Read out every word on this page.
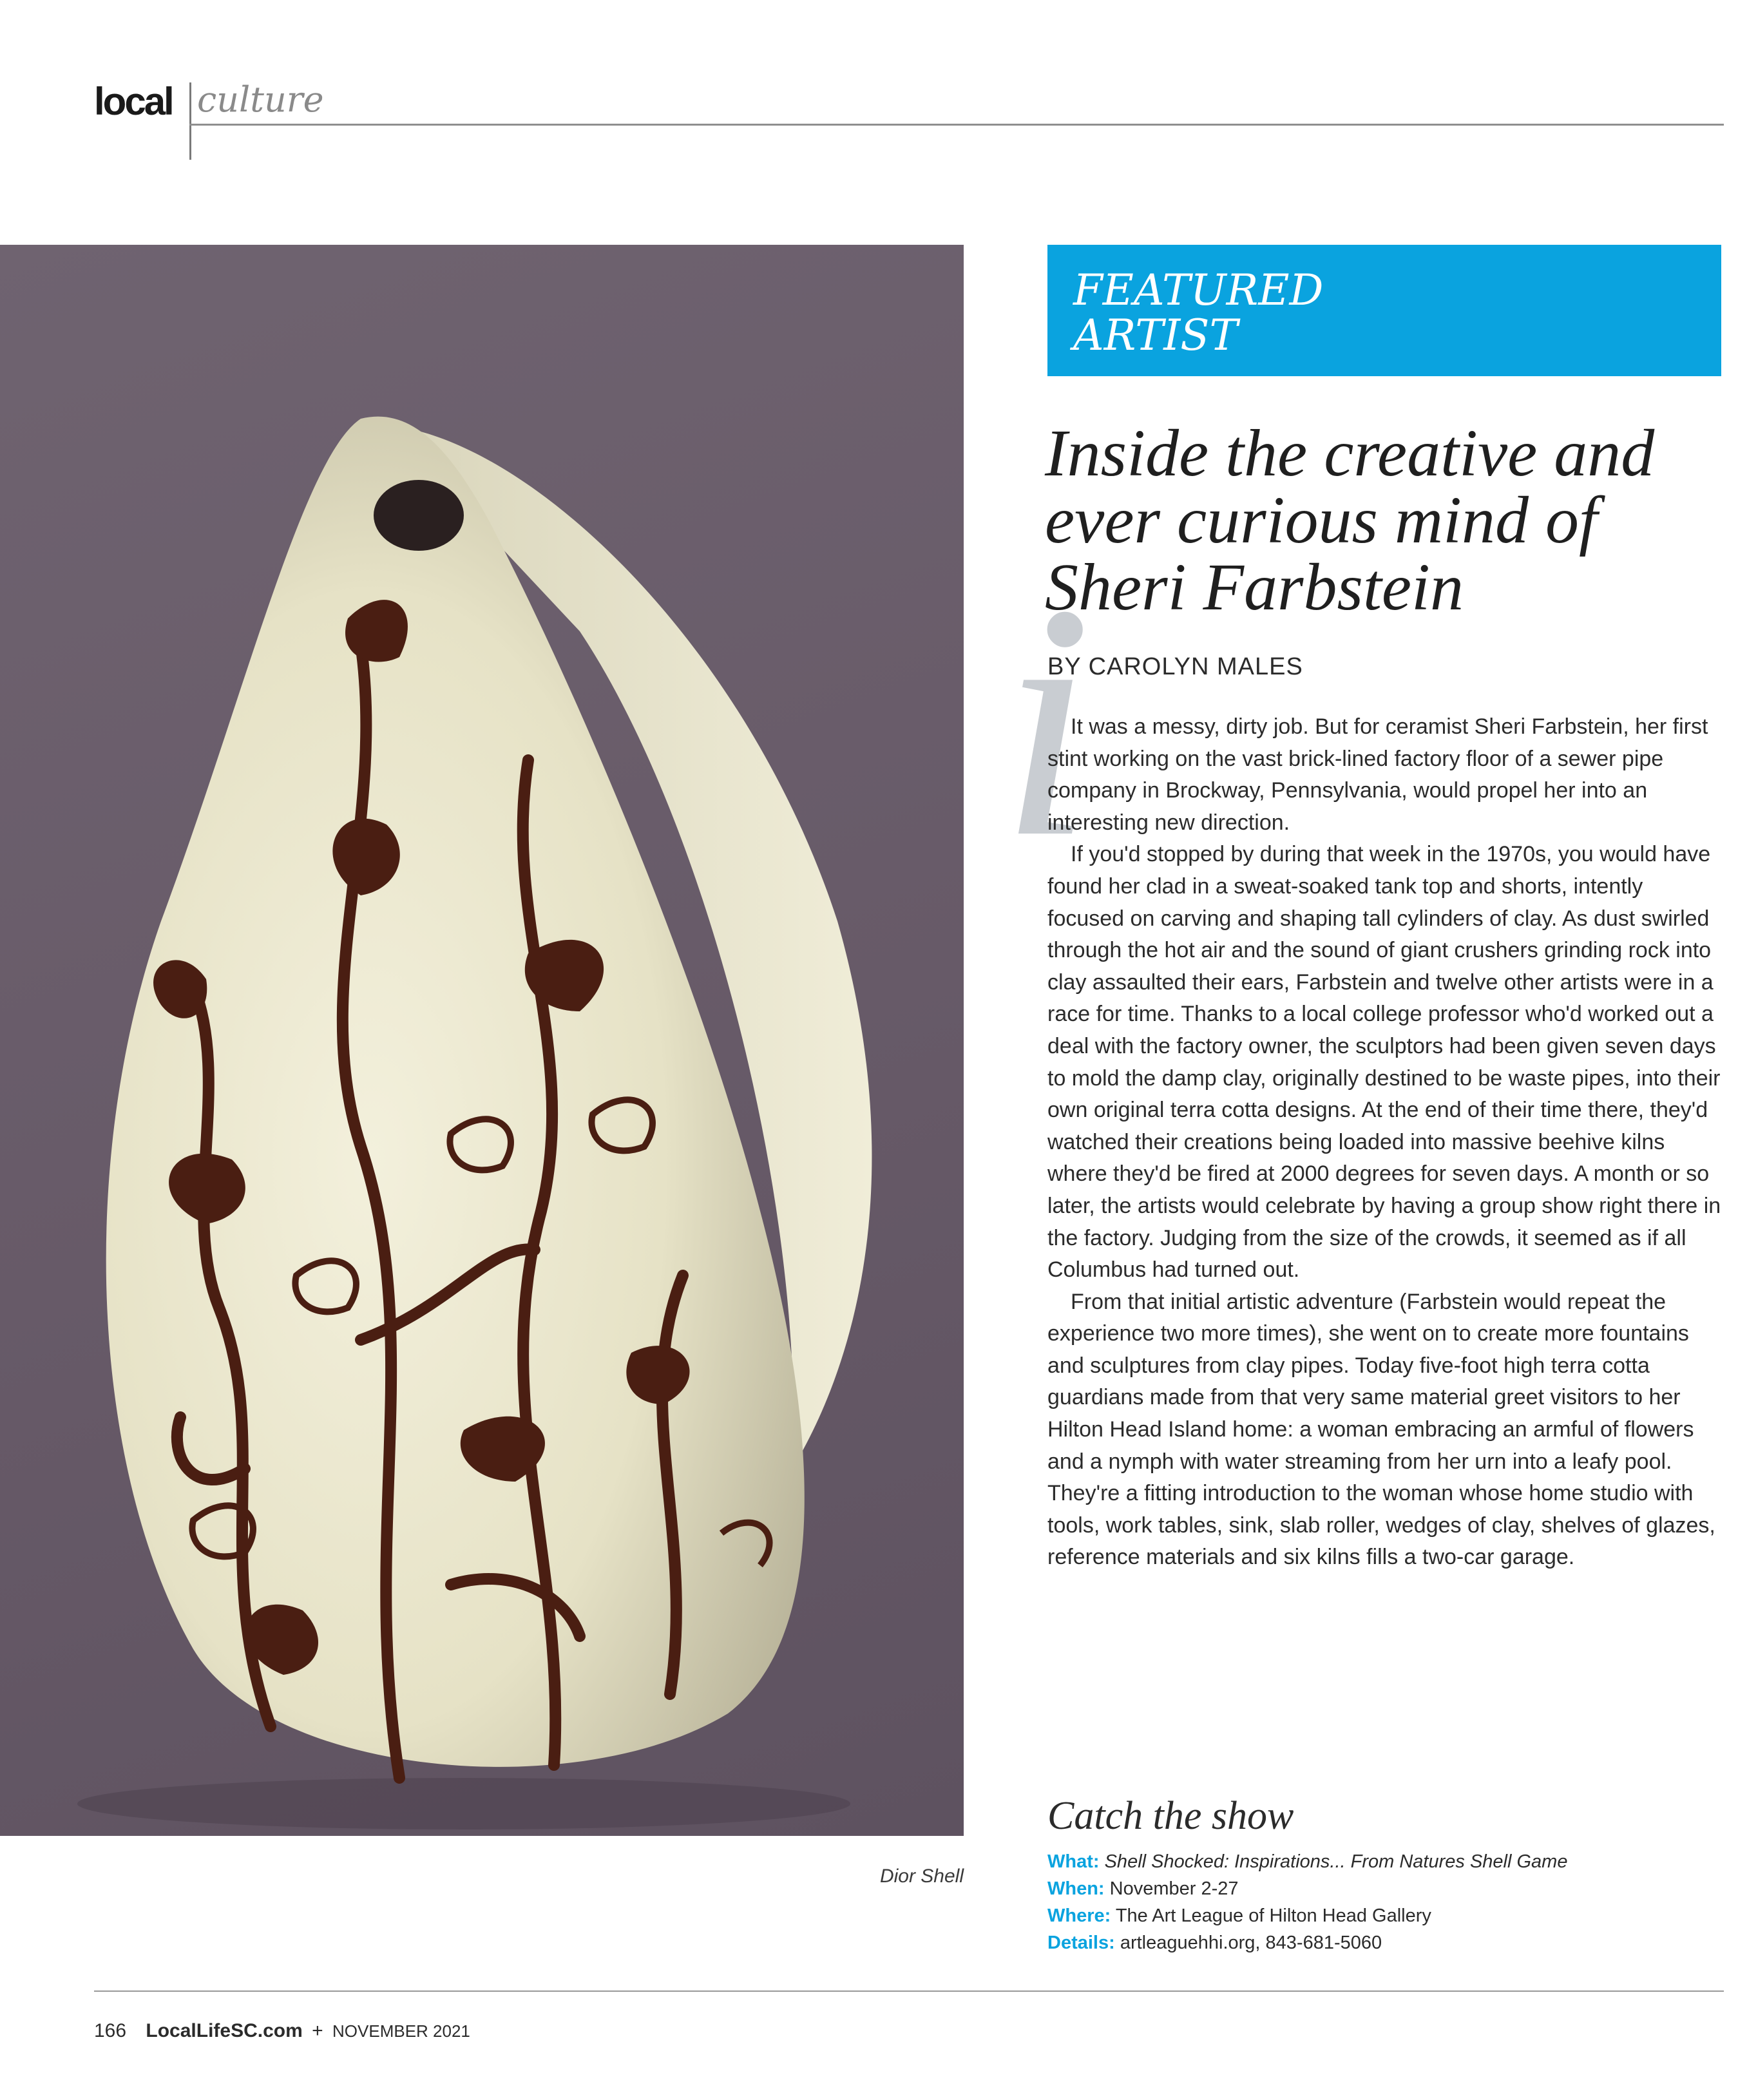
local culture
Dior Shell
FEATURED
ARTIST
Inside the creative and ever curious mind of Sheri Farbstein
BY CAROLYN MALES
i

It was a messy, dirty job. But for ceramist Sheri Farbstein, her first stint working on the vast brick-lined factory floor of a sewer pipe company in Brockway, Pennsylvania, would propel her into an interesting new direction.

If you'd stopped by during that week in the 1970s, you would have found her clad in a sweat-soaked tank top and shorts, intently focused on carving and shaping tall cylinders of clay. As dust swirled through the hot air and the sound of giant crushers grinding rock into clay assaulted their ears, Farbstein and twelve other artists were in a race for time. Thanks to a local college professor who'd worked out a deal with the factory owner, the sculptors had been given seven days to mold the damp clay, originally destined to be waste pipes, into their own original terra cotta designs. At the end of their time there, they'd watched their creations being loaded into massive beehive kilns where they'd be fired at 2000 degrees for seven days. A month or so later, the artists would celebrate by having a group show right there in the factory. Judging from the size of the crowds, it seemed as if all Columbus had turned out.

From that initial artistic adventure (Farbstein would repeat the experience two more times), she went on to create more fountains and sculptures from clay pipes. Today five-foot high terra cotta guardians made from that very same material greet visitors to her Hilton Head Island home: a woman embracing an armful of flowers and a nymph with water streaming from her urn into a leafy pool. They're a fitting introduction to the woman whose home studio with tools, work tables, sink, slab roller, wedges of clay, shelves of glazes, reference materials and six kilns fills a two-car garage.

Catch the show
What: Shell Shocked: Inspirations... From Natures Shell Game
When: November 2-27
Where: The Art League of Hilton Head Gallery
Details: artleaguehhi.org, 843-681-5060
166 LocalLifeSC.com + NOVEMBER 2021
